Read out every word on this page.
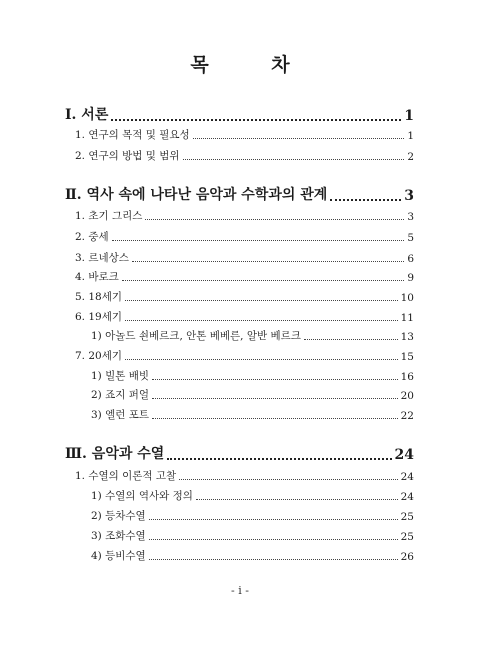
목 차
Ⅰ. 서론	1
1. 연구의 목적 및 필요성	1
2. 연구의 방법 및 범위	2
Ⅱ. 역사 속에 나타난 음악과 수학과의 관계	3
1. 초기 그리스	3
2. 중세	5
3. 르네상스	6
4. 바로크	9
5. 18세기	10
6. 19세기	11
1) 아놀드 쇤베르크, 안톤 베베른, 알반 베르크	13
7. 20세기	15
1) 빌톤 배빗	16
2) 죠지 퍼얼	20
3) 엘런 포트	22
Ⅲ. 음악과 수열	24
1. 수열의 이론적 고찰	24
1) 수열의 역사와 정의	24
2) 등차수열	25
3) 조화수열	25
4) 등비수열	26
- i -
